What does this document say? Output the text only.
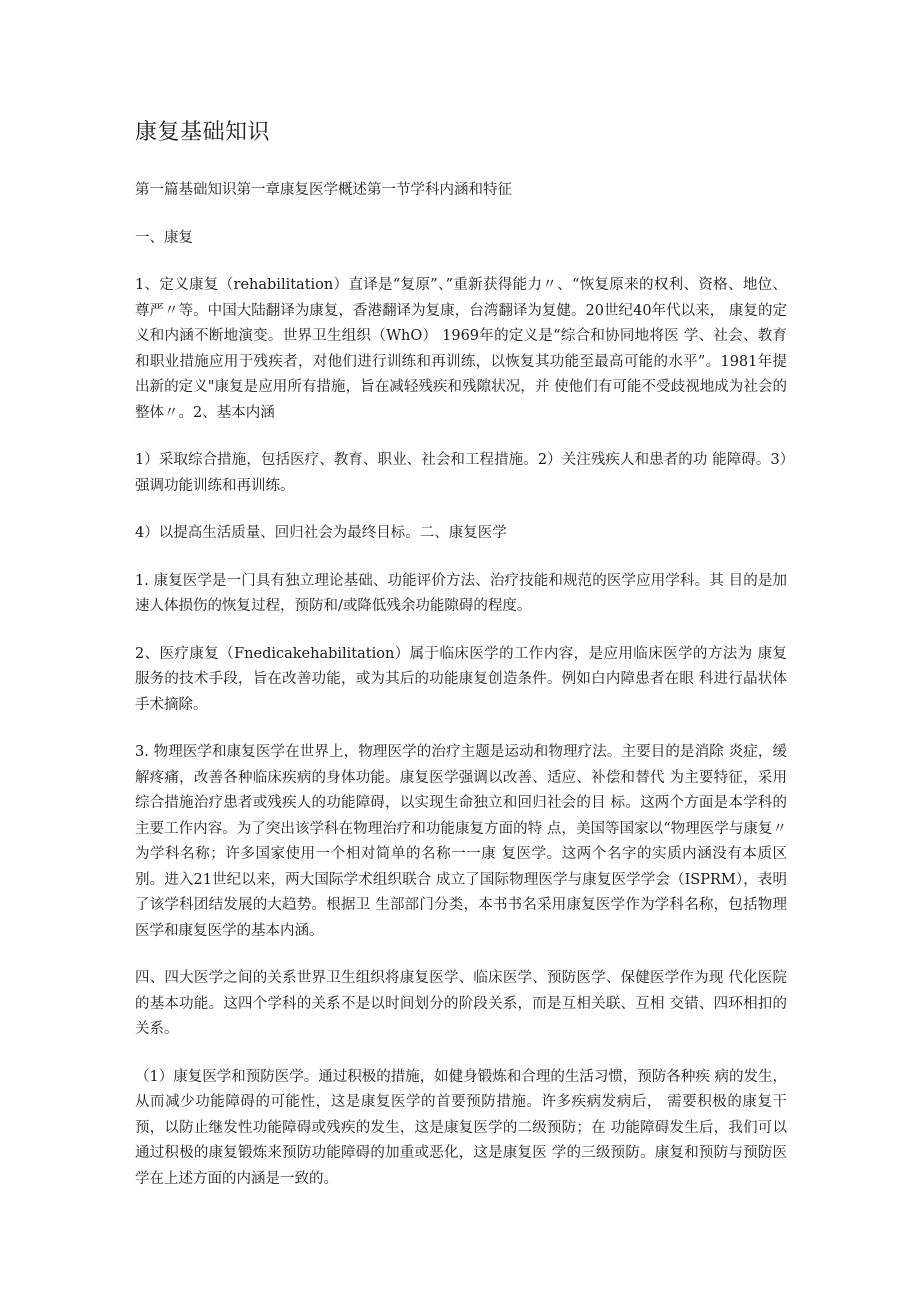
康复基础知识

第一篇基础知识第一章康复医学概述第一节学科内涵和特征

一、康复

1、定义康复（rehabilitation）直译是“复原”、”重新获得能力〃、“恢复原来的权利、资格、地位、 尊严〃等。中国大陆翻译为康复，香港翻译为复康，台湾翻译为复健。20世纪40年代以来， 康复的定义和内涵不断地演变。世界卫生组织（WhO） 1969年的定义是“综合和协同地将医 学、社会、教育和职业措施应用于残疾者，对他们进行训练和再训练，以恢复其功能至最高可能的水平”。1981年提出新的定义"康复是应用所有措施，旨在减轻残疾和残隙状况，并 使他们有可能不受歧视地成为社会的整体〃。2、基本内涵

1）采取综合措施，包括医疗、教育、职业、社会和工程措施。2）关注残疾人和患者的功 能障碍。3）强调功能训练和再训练。

4）以提高生活质量、回归社会为最终目标。二、康复医学

1. 康复医学是一门具有独立理论基础、功能评价方法、治疗技能和规范的医学应用学科。其 目的是加速人体损伤的恢复过程，预防和/或降低残余功能隙碍的程度。

2、医疗康复（Fnedicakehabilitation）属于临床医学的工作内容，是应用临床医学的方法为 康复服务的技术手段，旨在改善功能，或为其后的功能康复创造条件。例如白内障患者在眼 科进行晶状体手术摘除。

3. 物理医学和康复医学在世界上，物理医学的治疗主题是运动和物理疗法。主要目的是消除 炎症，缓解疼痛，改善各种临床疾病的身体功能。康复医学强调以改善、适应、补偿和替代 为主要特征，采用综合措施治疗患者或残疾人的功能障碍，以实现生命独立和回归社会的目 标。这两个方面是本学科的主要工作内容。为了突出该学科在物理治疗和功能康复方面的特 点，美国等国家以“物理医学与康复〃为学科名称；许多国家使用一个相对简单的名称一一康 复医学。这两个名字的实质内涵没有本质区别。进入21世纪以来，两大国际学术组织联合 成立了国际物理医学与康复医学学会（ISPRM），表明了该学科团结发展的大趋势。根据卫 生部部门分类，本书书名采用康复医学作为学科名称，包括物理医学和康复医学的基本内涵。

四、四大医学之间的关系世界卫生组织将康复医学、临床医学、预防医学、保健医学作为现 代化医院的基本功能。这四个学科的关系不是以时间划分的阶段关系，而是互相关联、互相 交错、四环相扣的关系。

（1）康复医学和预防医学。通过积极的措施，如健身锻炼和合理的生活习惯，预防各种疾 病的发生，从而减少功能障碍的可能性，这是康复医学的首要预防措施。许多疾病发病后， 需要积极的康复干预，以防止继发性功能障碍或残疾的发生，这是康复医学的二级预防；在 功能障碍发生后，我们可以通过积极的康复锻炼来预防功能障碍的加重或恶化，这是康复医 学的三级预防。康复和预防与预防医学在上述方面的内涵是一致的。
